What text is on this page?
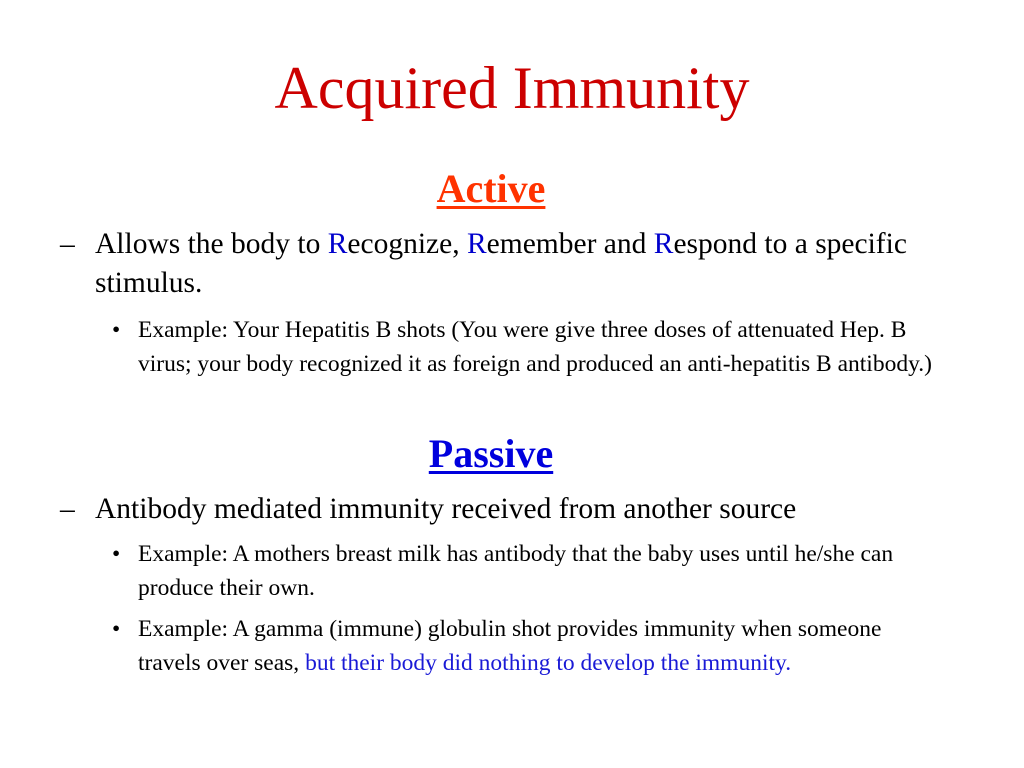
Acquired Immunity
Active
– Allows the body to Recognize, Remember and Respond to a specific stimulus.
• Example: Your Hepatitis B shots (You were give three doses of attenuated Hep. B virus; your body recognized it as foreign and produced an anti-hepatitis B antibody.)
Passive
– Antibody mediated immunity received from another source
• Example: A mothers breast milk has antibody that the baby uses until he/she can produce their own.
• Example: A gamma (immune) globulin shot provides immunity when someone travels over seas, but their body did nothing to develop the immunity.
